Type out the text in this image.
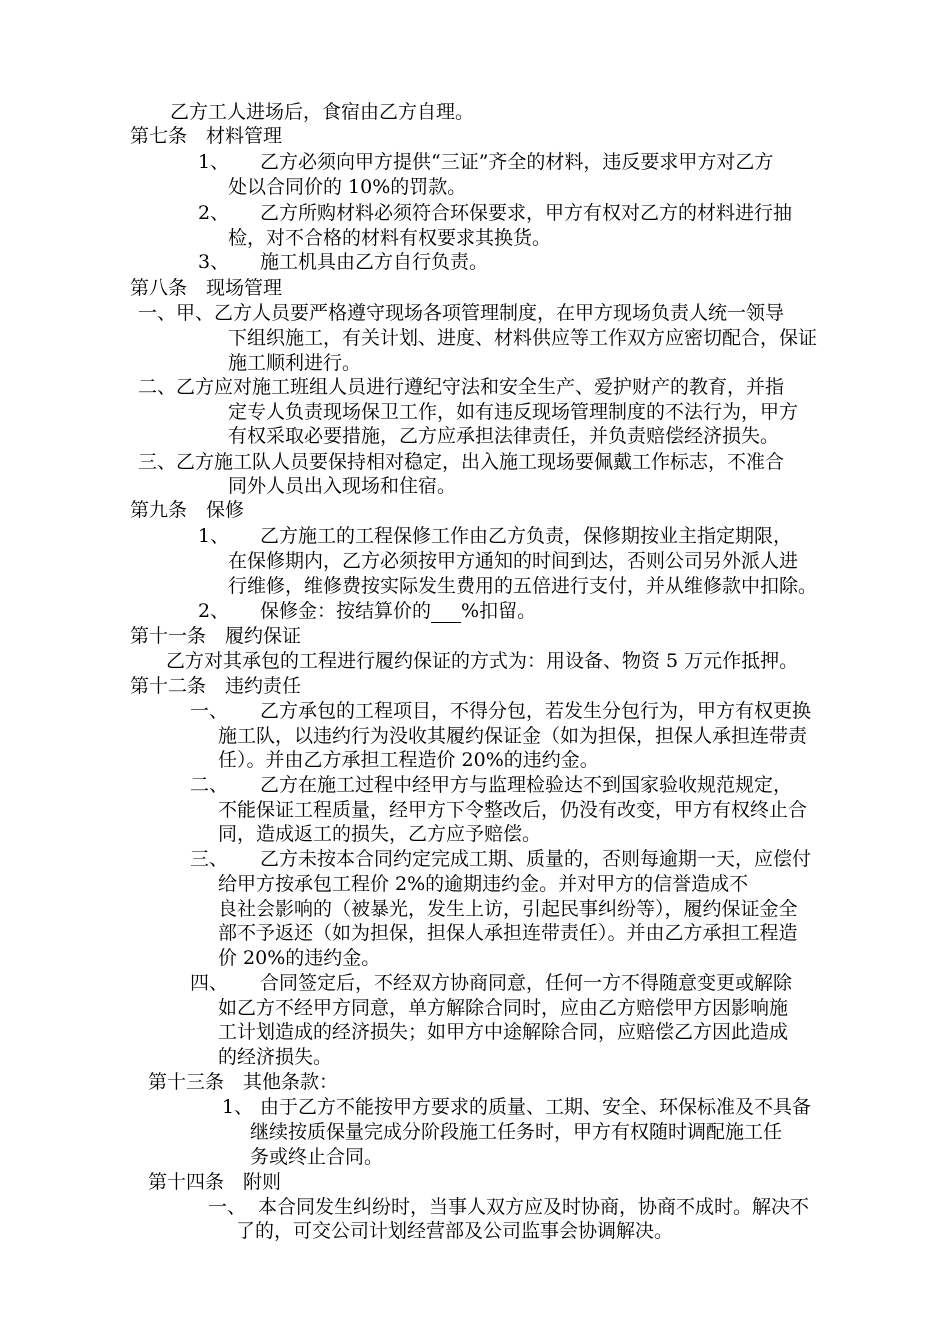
乙方工人进场后，食宿由乙方自理。
第七条　材料管理
1、 乙方必须向甲方提供“三证”齐全的材料，违反要求甲方对乙方
处以合同价的 10%的罚款。
2、 乙方所购材料必须符合环保要求，甲方有权对乙方的材料进行抽
检，对不合格的材料有权要求其换货。
3、 施工机具由乙方自行负责。
第八条　现场管理
一、甲、乙方人员要严格遵守现场各项管理制度，在甲方现场负责人统一领导
下组织施工，有关计划、进度、材料供应等工作双方应密切配合，保证
施工顺利进行。
二、乙方应对施工班组人员进行遵纪守法和安全生产、爱护财产的教育，并指
定专人负责现场保卫工作，如有违反现场管理制度的不法行为，甲方
有权采取必要措施，乙方应承担法律责任，并负责赔偿经济损失。
三、乙方施工队人员要保持相对稳定，出入施工现场要佩戴工作标志，不准合
同外人员出入现场和住宿。
第九条　保修
1、 乙方施工的工程保修工作由乙方负责，保修期按业主指定期限，
在保修期内，乙方必须按甲方通知的时间到达，否则公司另外派人进
行维修，维修费按实际发生费用的五倍进行支付，并从维修款中扣除。
2、 保修金：按结算价的 %扣留。
第十一条　履约保证
乙方对其承包的工程进行履约保证的方式为：用设备、物资 5 万元作抵押。
第十二条　违约责任
一、 乙方承包的工程项目，不得分包，若发生分包行为，甲方有权更换
施工队，以违约行为没收其履约保证金（如为担保，担保人承担连带责
任）。并由乙方承担工程造价 20%的违约金。
二、 乙方在施工过程中经甲方与监理检验达不到国家验收规范规定，
不能保证工程质量，经甲方下令整改后，仍没有改变，甲方有权终止合
同，造成返工的损失，乙方应予赔偿。
三、 乙方未按本合同约定完成工期、质量的，否则每逾期一天，应偿付
给甲方按承包工程价 2%的逾期违约金。并对甲方的信誉造成不
良社会影响的（被暴光，发生上访，引起民事纠纷等），履约保证金全
部不予返还（如为担保，担保人承担连带责任）。并由乙方承担工程造
价 20%的违约金。
四、 合同签定后，不经双方协商同意，任何一方不得随意变更或解除
如乙方不经甲方同意，单方解除合同时，应由乙方赔偿甲方因影响施
工计划造成的经济损失；如甲方中途解除合同，应赔偿乙方因此造成
的经济损失。
第十三条　其他条款：
1、 由于乙方不能按甲方要求的质量、工期、安全、环保标准及不具备
继续按质保量完成分阶段施工任务时，甲方有权随时调配施工任
务或终止合同。
第十四条　附则
一、 本合同发生纠纷时，当事人双方应及时协商，协商不成时。解决不
了的，可交公司计划经营部及公司监事会协调解决。
